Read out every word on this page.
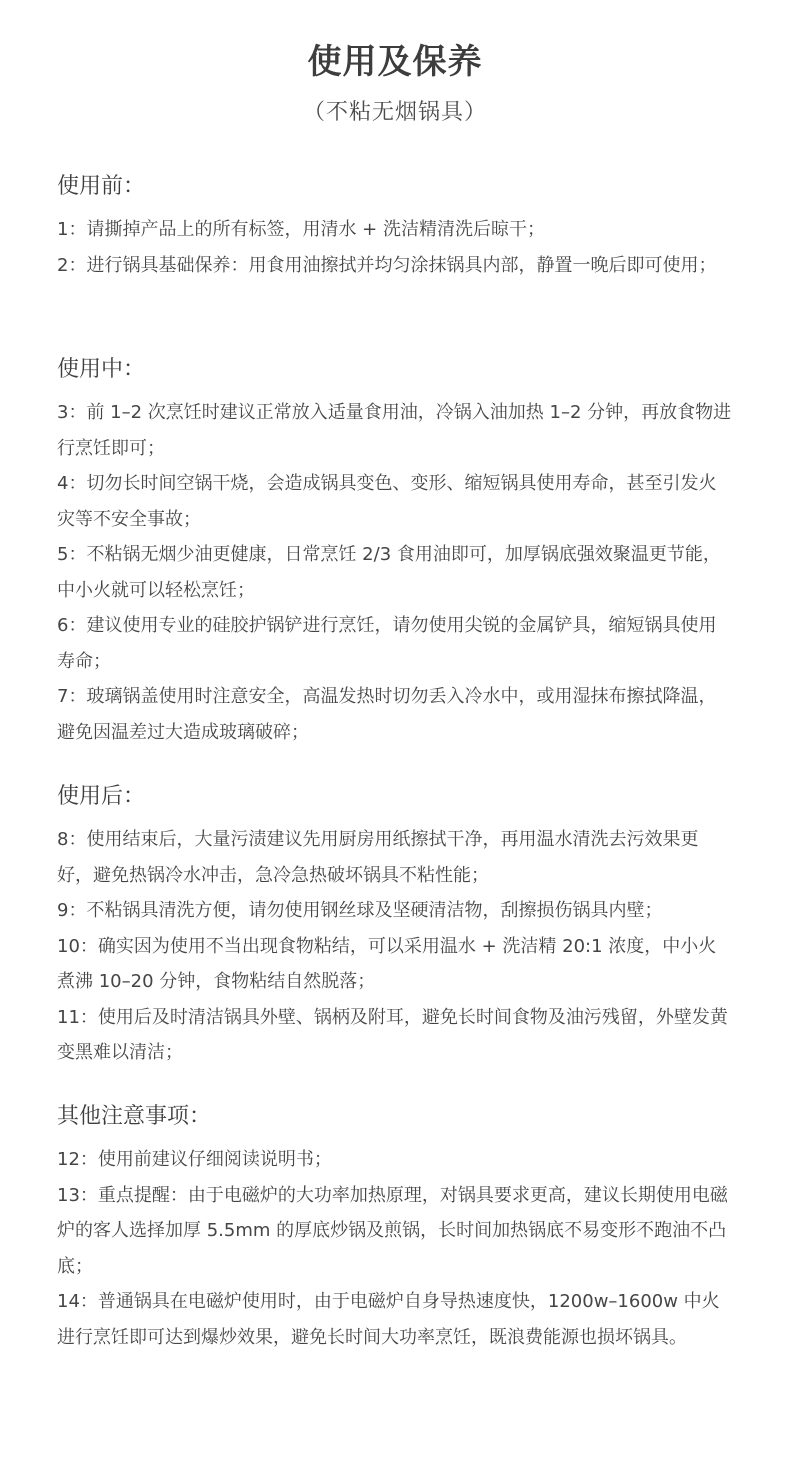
使用及保养

（不粘无烟锅具）

使用前：

1：请撕掉产品上的所有标签，用清水 + 洗洁精清洗后晾干；

2：进行锅具基础保养：用食用油擦拭并均匀涂抹锅具内部，静置一晚后即可使用；

使用中：

3：前 1–2 次烹饪时建议正常放入适量食用油，冷锅入油加热 1–2 分钟，再放食物进行烹饪即可；

4：切勿长时间空锅干烧，会造成锅具变色、变形、缩短锅具使用寿命，甚至引发火灾等不安全事故；

5：不粘锅无烟少油更健康，日常烹饪 2/3 食用油即可，加厚锅底强效聚温更节能，中小火就可以轻松烹饪；

6：建议使用专业的硅胶护锅铲进行烹饪，请勿使用尖锐的金属铲具，缩短锅具使用寿命；

7：玻璃锅盖使用时注意安全，高温发热时切勿丢入冷水中，或用湿抹布擦拭降温，避免因温差过大造成玻璃破碎；

使用后：

8：使用结束后，大量污渍建议先用厨房用纸擦拭干净，再用温水清洗去污效果更好，避免热锅冷水冲击，急冷急热破坏锅具不粘性能；

9：不粘锅具清洗方便，请勿使用钢丝球及坚硬清洁物，刮擦损伤锅具内壁；

10：确实因为使用不当出现食物粘结，可以采用温水 + 洗洁精 20:1 浓度，中小火煮沸 10–20 分钟，食物粘结自然脱落；

11：使用后及时清洁锅具外壁、锅柄及附耳，避免长时间食物及油污残留，外壁发黄变黑难以清洁；

其他注意事项：

12：使用前建议仔细阅读说明书；

13：重点提醒：由于电磁炉的大功率加热原理，对锅具要求更高，建议长期使用电磁炉的客人选择加厚 5.5mm 的厚底炒锅及煎锅，长时间加热锅底不易变形不跑油不凸底；

14：普通锅具在电磁炉使用时，由于电磁炉自身导热速度快，1200w–1600w 中火进行烹饪即可达到爆炒效果，避免长时间大功率烹饪，既浪费能源也损坏锅具。
